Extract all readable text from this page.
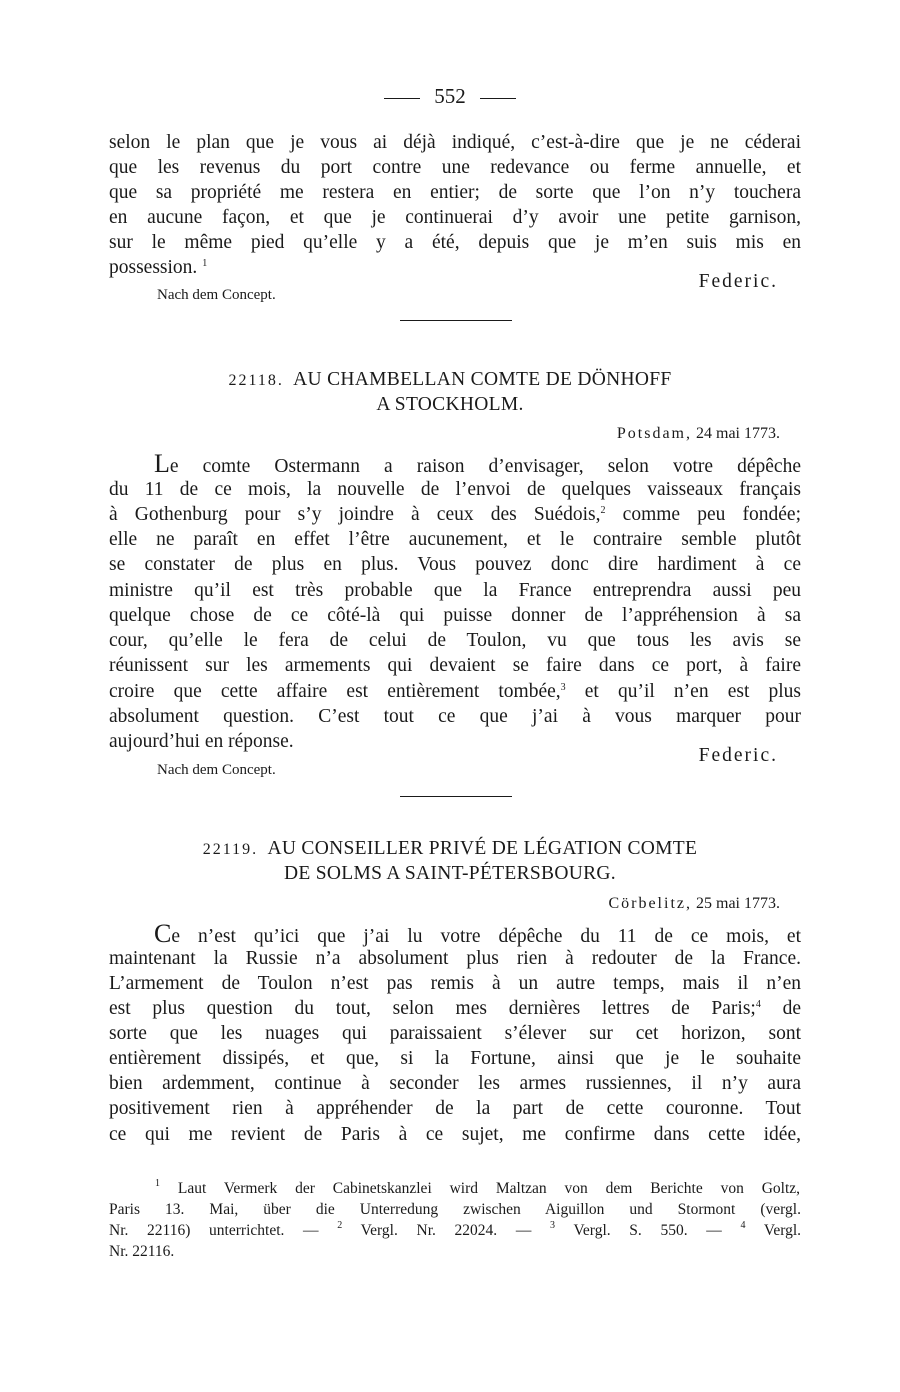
552
selon le plan que je vous ai déjà indiqué, c’est-à-dire que je ne céderai
que les revenus du port contre une redevance ou ferme annuelle, et
que sa propriété me restera en entier; de sorte que l’on n’y touchera
en aucune façon, et que je continuerai d’y avoir une petite garnison,
sur le même pied qu’elle y a été, depuis que je m’en suis mis en
possession. $^1$
Federic.
Nach dem Concept.
22118. AU CHAMBELLAN COMTE DE DÖNHOFF
A STOCKHOLM.
Potsdam, 24 mai 1773.
Le comte Ostermann a raison d’envisager, selon votre dépêche
du 11 de ce mois, la nouvelle de l’envoi de quelques vaisseaux français
à Gothenburg pour s’y joindre à ceux des Suédois,$^2$ comme peu fondée;
elle ne paraît en effet l’être aucunement, et le contraire semble plutôt
se constater de plus en plus. Vous pouvez donc dire hardiment à ce
ministre qu’il est très probable que la France entreprendra aussi peu
quelque chose de ce côté-là qui puisse donner de l’appréhension à sa
cour, qu’elle le fera de celui de Toulon, vu que tous les avis se
réunissent sur les armements qui devaient se faire dans ce port, à faire
croire que cette affaire est entièrement tombée,$^3$ et qu’il n’en est plus
absolument question. C’est tout ce que j’ai à vous marquer pour
aujourd’hui en réponse.
Federic.
Nach dem Concept.
22119. AU CONSEILLER PRIVÉ DE LÉGATION COMTE
DE SOLMS A SAINT-PÉTERSBOURG.
Cörbelitz, 25 mai 1773.
Ce n’est qu’ici que j’ai lu votre dépêche du 11 de ce mois, et
maintenant la Russie n’a absolument plus rien à redouter de la France.
L’armement de Toulon n’est pas remis à un autre temps, mais il n’en
est plus question du tout, selon mes dernières lettres de Paris;$^4$ de
sorte que les nuages qui paraissaient s’élever sur cet horizon, sont
entièrement dissipés, et que, si la Fortune, ainsi que je le souhaite
bien ardemment, continue à seconder les armes russiennes, il n’y aura
positivement rien à appréhender de la part de cette couronne. Tout
ce qui me revient de Paris à ce sujet, me confirme dans cette idée,
$^1$ Laut Vermerk der Cabinetskanzlei wird Maltzan von dem Berichte von Goltz,
Paris 13. Mai, über die Unterredung zwischen Aiguillon und Stormont (vergl.
Nr. 22116) unterrichtet. — $^2$ Vergl. Nr. 22024. — $^3$ Vergl. S. 550. — $^4$ Vergl.
Nr. 22116.
